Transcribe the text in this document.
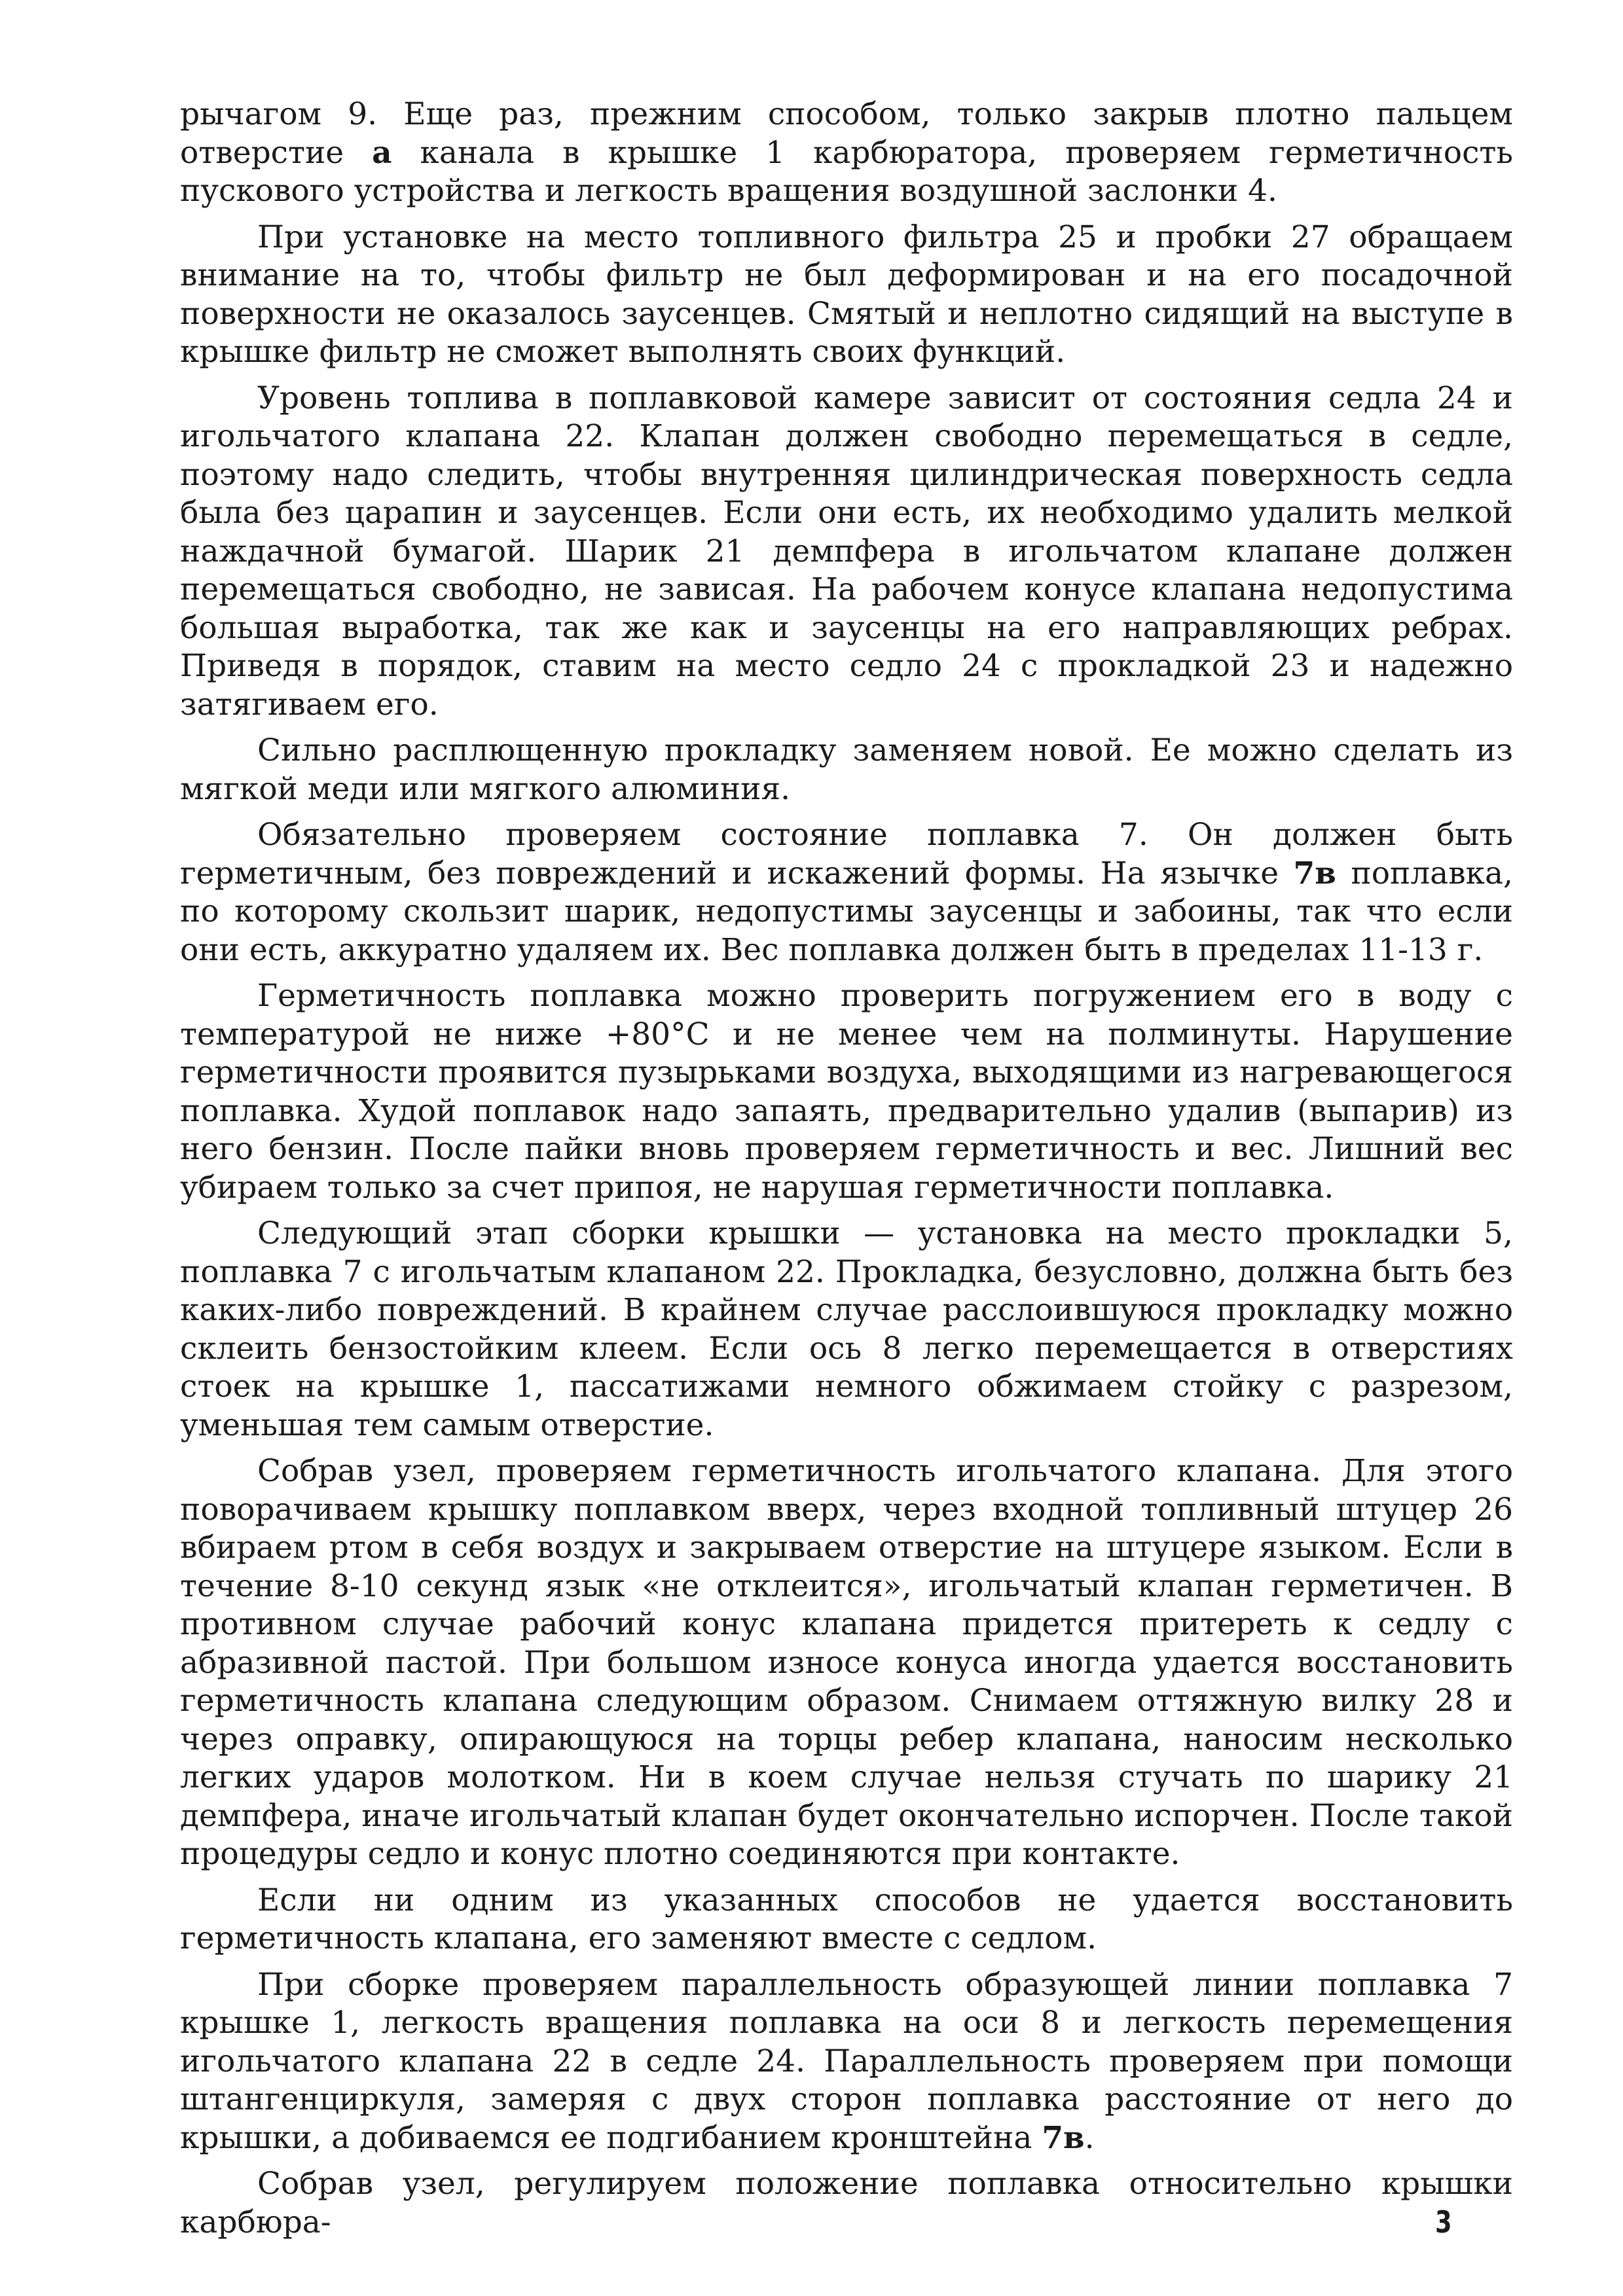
рычагом 9. Еще раз, прежним способом, только закрыв плотно пальцем отверстие а канала в крышке 1 карбюратора, проверяем герметичность пускового устройства и легкость вращения воздушной заслонки 4.

При установке на место топливного фильтра 25 и пробки 27 обращаем внимание на то, чтобы фильтр не был деформирован и на его посадочной поверхности не оказалось заусенцев. Смятый и неплотно сидящий на выступе в крышке фильтр не сможет выполнять своих функций.

Уровень топлива в поплавковой камере зависит от состояния седла 24 и игольчатого клапана 22. Клапан должен свободно перемещаться в седле, поэтому надо следить, чтобы внутренняя цилиндрическая поверхность седла была без царапин и заусенцев. Если они есть, их необходимо удалить мелкой наждачной бумагой. Шарик 21 демпфера в игольчатом клапане должен перемещаться свободно, не зависая. На рабочем конусе клапана недопустима большая выработка, так же как и заусенцы на его направляющих ребрах. Приведя в порядок, ставим на место седло 24 с прокладкой 23 и надежно затягиваем его.

Сильно расплющенную прокладку заменяем новой. Ее можно сделать из мягкой меди или мягкого алюминия.

Обязательно проверяем состояние поплавка 7. Он должен быть герметичным, без повреждений и искажений формы. На язычке 7в поплавка, по которому скользит шарик, недопустимы заусенцы и забоины, так что если они есть, аккуратно удаляем их. Вес поплавка должен быть в пределах 11-13 г.

Герметичность поплавка можно проверить погружением его в воду с температурой не ниже +80°С и не менее чем на полминуты. Нарушение герметичности проявится пузырьками воздуха, выходящими из нагревающегося поплавка. Худой поплавок надо запаять, предварительно удалив (выпарив) из него бензин. После пайки вновь проверяем герметичность и вес. Лишний вес убираем только за счет припоя, не нарушая герметичности поплавка.

Следующий этап сборки крышки — установка на место прокладки 5, поплавка 7 с игольчатым клапаном 22. Прокладка, безусловно, должна быть без каких-либо повреждений. В крайнем случае расслоившуюся прокладку можно склеить бензостойким клеем. Если ось 8 легко перемещается в отверстиях стоек на крышке 1, пассатижами немного обжимаем стойку с разрезом, уменьшая тем самым отверстие.

Собрав узел, проверяем герметичность игольчатого клапана. Для этого поворачиваем крышку поплавком вверх, через входной топливный штуцер 26 вбираем ртом в себя воздух и закрываем отверстие на штуцере языком. Если в течение 8-10 секунд язык «не отклеится», игольчатый клапан герметичен. В противном случае рабочий конус клапана придется притереть к седлу с абразивной пастой. При большом износе конуса иногда удается восстановить герметичность клапана следующим образом. Снимаем оттяжную вилку 28 и через оправку, опирающуюся на торцы ребер клапана, наносим несколько легких ударов молотком. Ни в коем случае нельзя стучать по шарику 21 демпфера, иначе игольчатый клапан будет окончательно испорчен. После такой процедуры седло и конус плотно соединяются при контакте.

Если ни одним из указанных способов не удается восстановить герметичность клапана, его заменяют вместе с седлом.

При сборке проверяем параллельность образующей линии поплавка 7 крышке 1, легкость вращения поплавка на оси 8 и легкость перемещения игольчатого клапана 22 в седле 24. Параллельность проверяем при помощи штангенциркуля, замеряя с двух сторон поплавка расстояние от него до крышки, а добиваемся ее подгибанием кронштейна 7в.

Собрав узел, регулируем положение поплавка относительно крышки карбюра-	3
